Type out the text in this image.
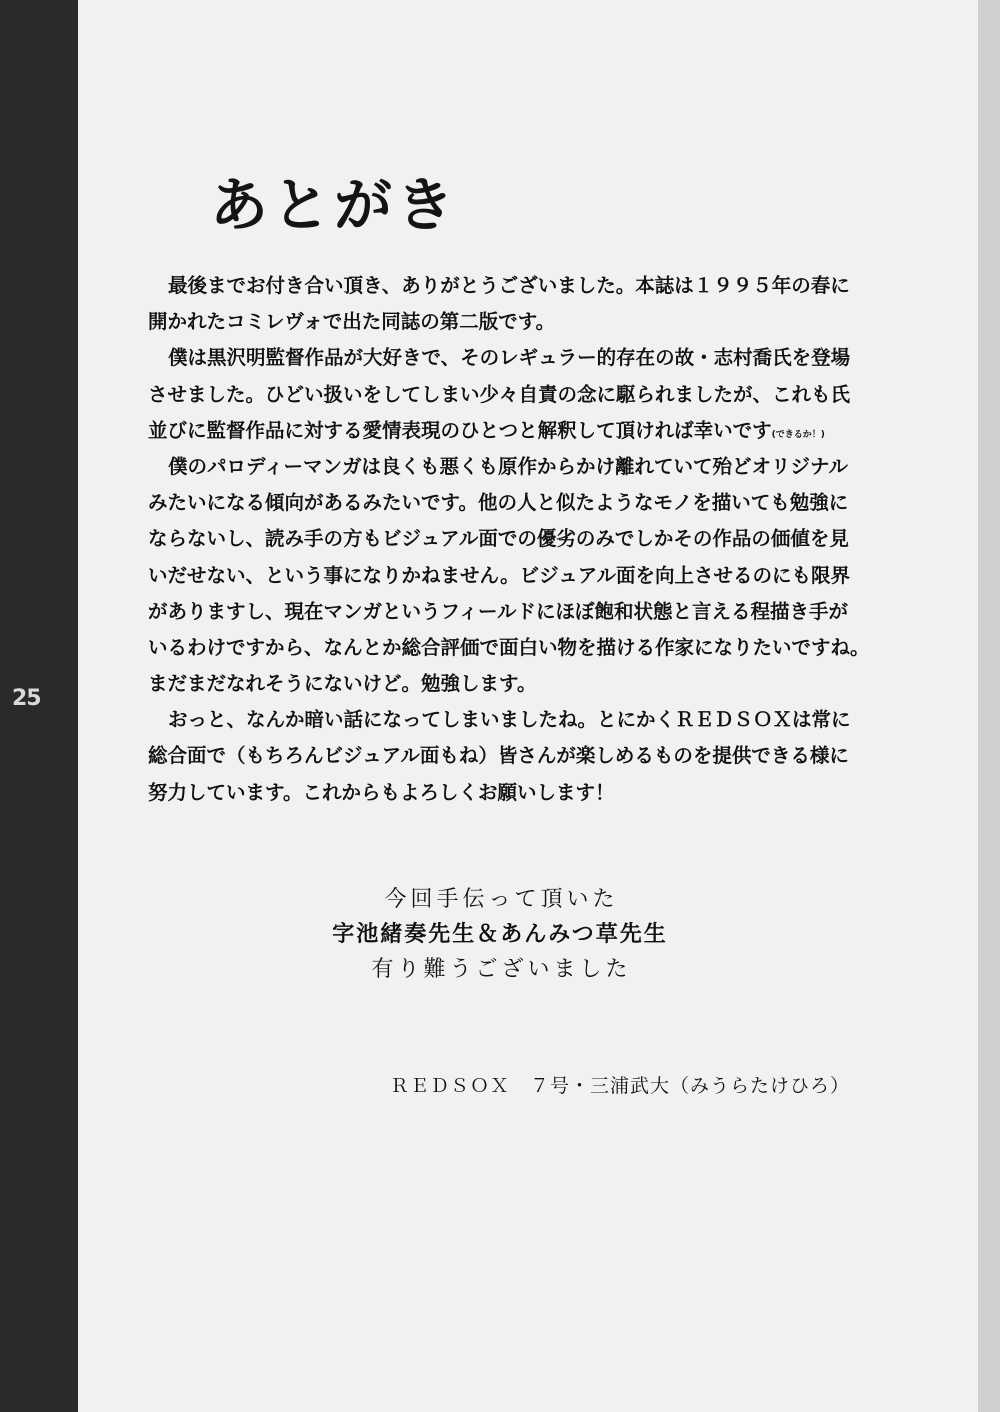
25
あとがき
最後までお付き合い頂き、ありがとうございました。本誌は１９９５年の春に
開かれたコミレヴォで出た同誌の第二版です。
僕は黒沢明監督作品が大好きで、そのレギュラー的存在の故・志村喬氏を登場
させました。ひどい扱いをしてしまい少々自責の念に駆られましたが、これも氏
並びに監督作品に対する愛情表現のひとつと解釈して頂ければ幸いです(できるか！)
僕のパロディーマンガは良くも悪くも原作からかけ離れていて殆どオリジナル
みたいになる傾向があるみたいです。他の人と似たようなモノを描いても勉強に
ならないし、読み手の方もビジュアル面での優劣のみでしかその作品の価値を見
いだせない、という事になりかねません。ビジュアル面を向上させるのにも限界
がありますし、現在マンガというフィールドにほぼ飽和状態と言える程描き手が
いるわけですから、なんとか総合評価で面白い物を描ける作家になりたいですね。
まだまだなれそうにないけど。勉強します。
おっと、なんか暗い話になってしまいましたね。とにかくＲＥＤＳＯＸは常に
総合面で（もちろんビジュアル面もね）皆さんが楽しめるものを提供できる様に
努力しています。これからもよろしくお願いします！
今回手伝って頂いた
字池緒奏先生＆あんみつ草先生
有り難うございました
ＲＥＤＳＯＸ　７号・三浦武大（みうらたけひろ）
